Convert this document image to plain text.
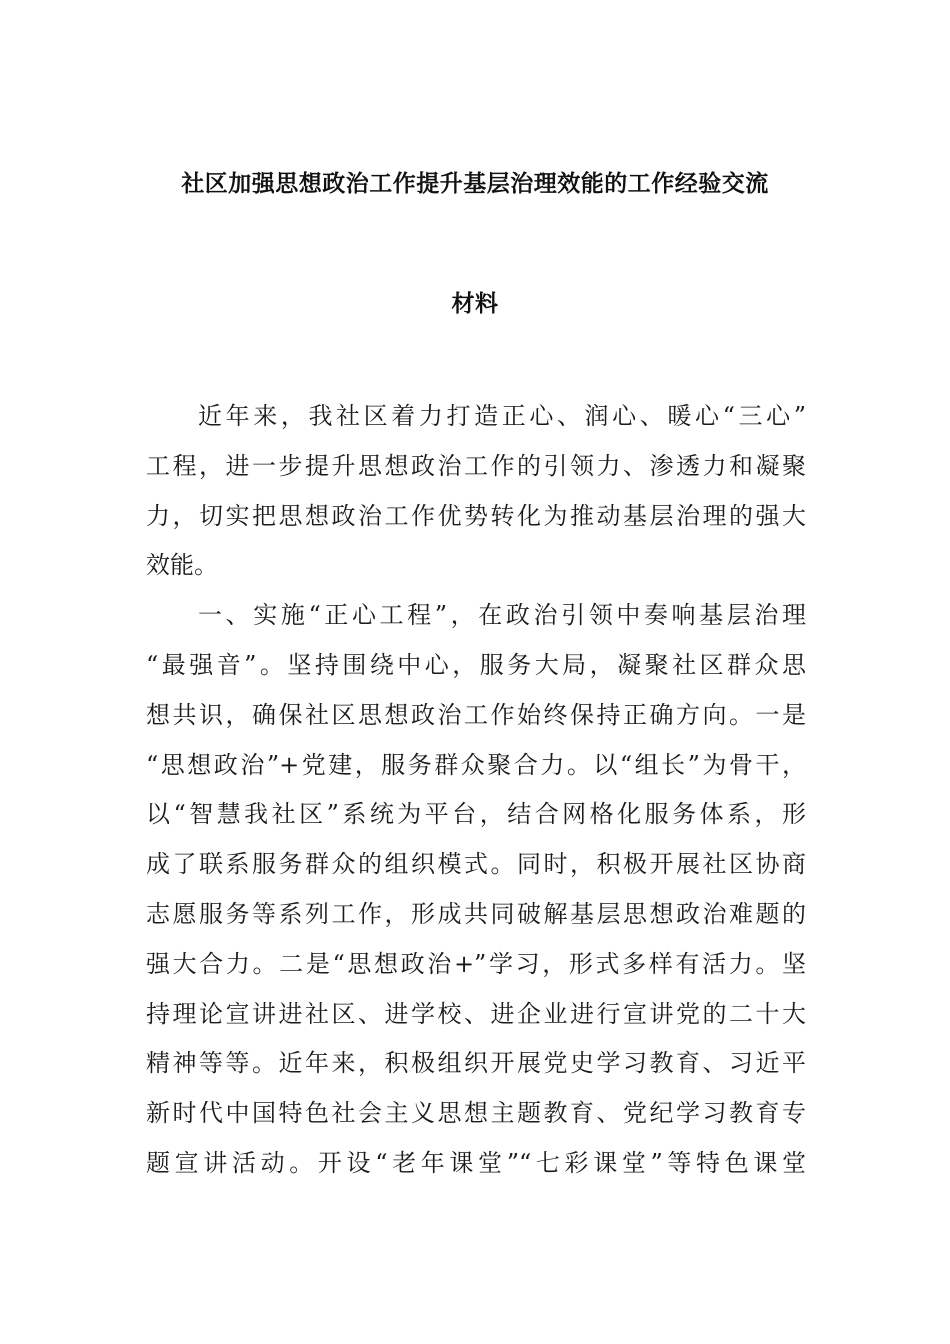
社区加强思想政治工作提升基层治理效能的工作经验交流
材料
近年来，我社区着力打造正心、润心、暖心“三心”
工程，进一步提升思想政治工作的引领力、渗透力和凝聚
力，切实把思想政治工作优势转化为推动基层治理的强大
效能。
一、实施“正心工程”，在政治引领中奏响基层治理
“最强音”。坚持围绕中心，服务大局，凝聚社区群众思
想共识，确保社区思想政治工作始终保持正确方向。一是
“思想政治”+党建，服务群众聚合力。以“组长”为骨干，
以“智慧我社区”系统为平台，结合网格化服务体系，形
成了联系服务群众的组织模式。同时，积极开展社区协商
志愿服务等系列工作，形成共同破解基层思想政治难题的
强大合力。二是“思想政治+”学习，形式多样有活力。坚
持理论宣讲进社区、进学校、进企业进行宣讲党的二十大
精神等等。近年来，积极组织开展党史学习教育、习近平
新时代中国特色社会主义思想主题教育、党纪学习教育专
题宣讲活动。开设“老年课堂”“七彩课堂”等特色课堂
